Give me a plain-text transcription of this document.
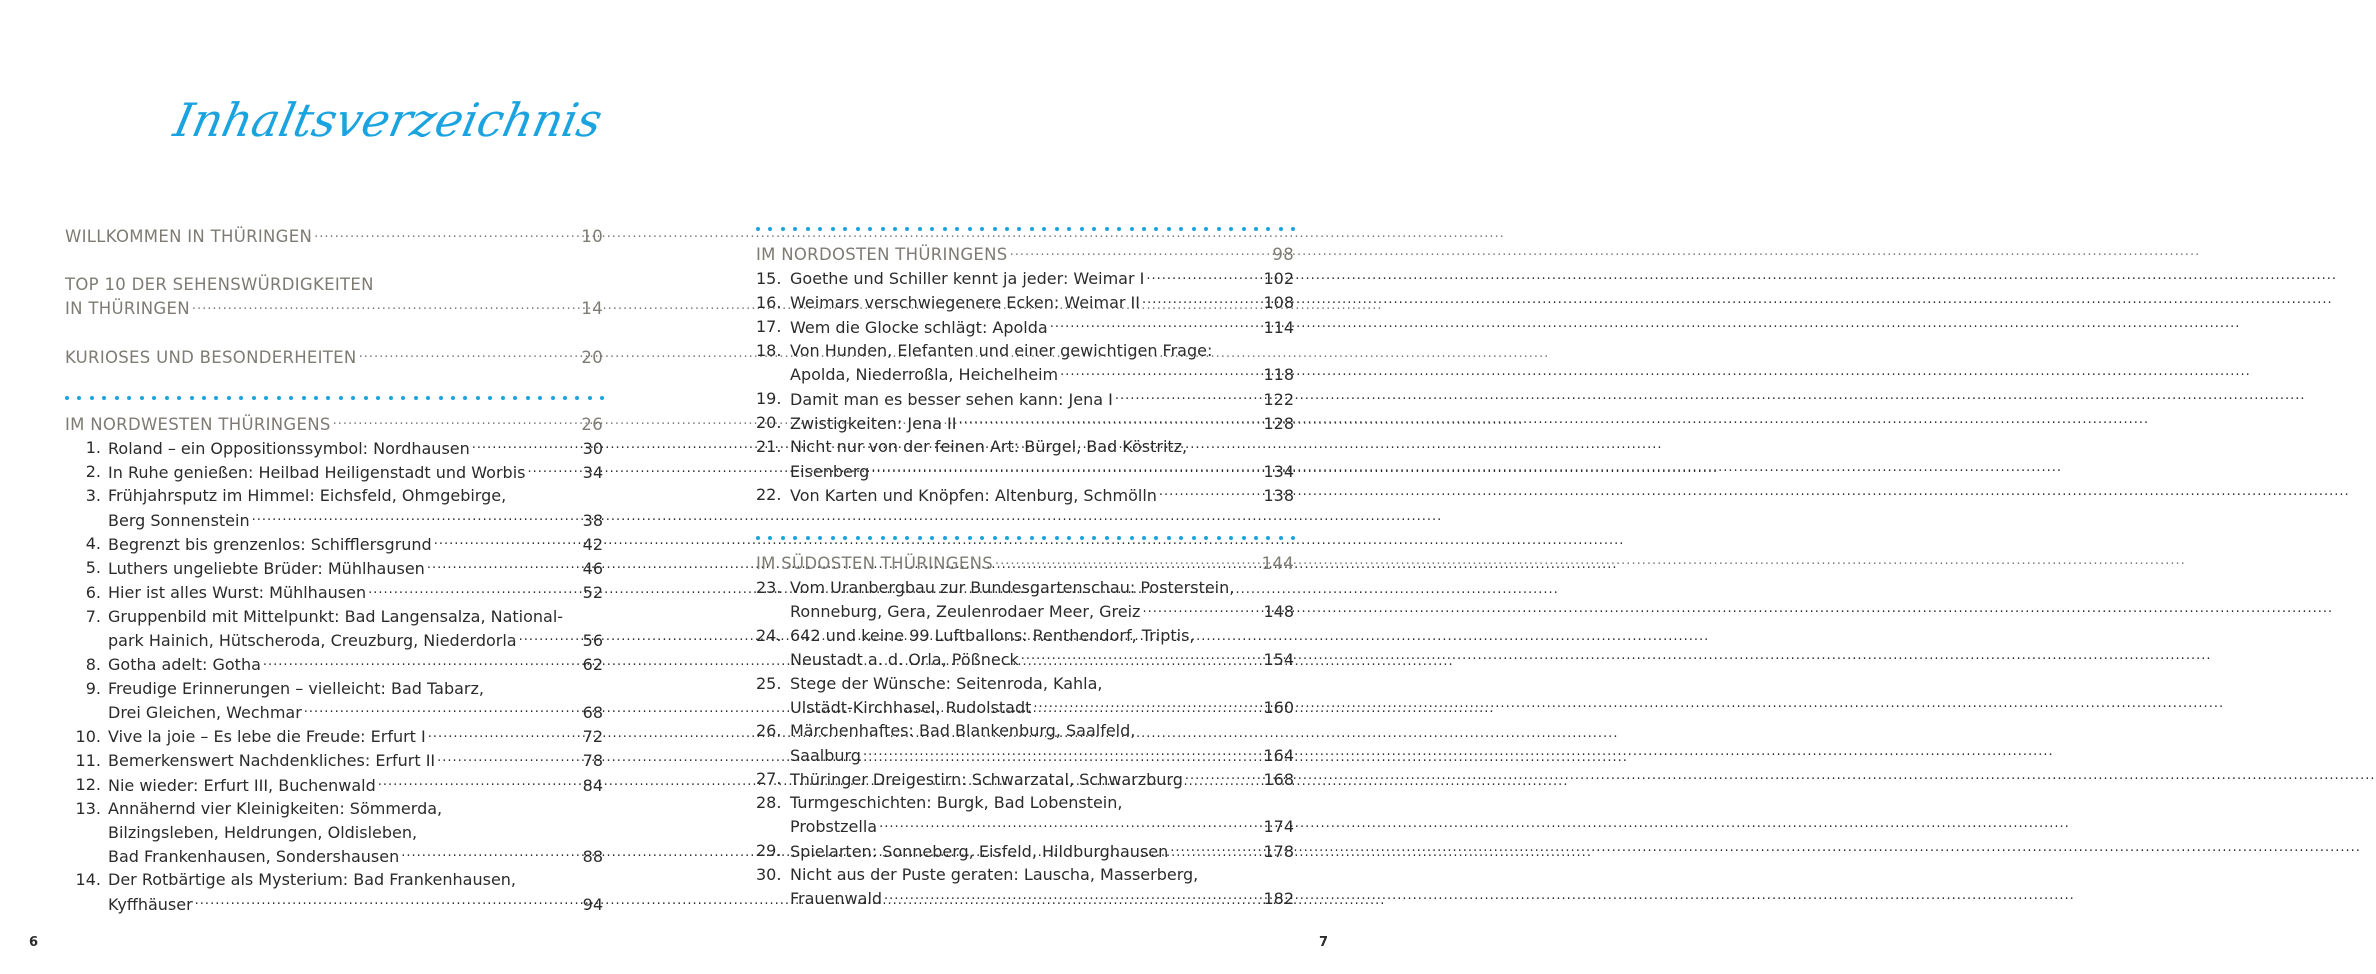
Inhaltsverzeichnis
WILLKOMMEN IN THÜRINGEN .....	10
TOP 10 DER SEHENSWÜRDIGKEITEN
IN THÜRINGEN .....	14
KURIOSES UND BESONDERHEITEN .....	20
IM NORDWESTEN THÜRINGENS .....	26
1. Roland – ein Oppositionssymbol: Nordhausen .....	30
2. In Ruhe genießen: Heilbad Heiligenstadt und Worbis .....	34
3. Frühjahrsputz im Himmel: Eichsfeld, Ohmgebirge,
Berg Sonnenstein .....	38
4. Begrenzt bis grenzenlos: Schifflersgrund .....	42
5. Luthers ungeliebte Brüder: Mühlhausen .....	46
6. Hier ist alles Wurst: Mühlhausen .....	52
7. Gruppenbild mit Mittelpunkt: Bad Langensalza, National-
park Hainich, Hütscheroda, Creuzburg, Niederdorla .....	56
8. Gotha adelt: Gotha .....	62
9. Freudige Erinnerungen – vielleicht: Bad Tabarz,
Drei Gleichen, Wechmar .....	68
10. Vive la joie – Es lebe die Freude: Erfurt I .....	72
11. Bemerkenswert Nachdenkliches: Erfurt II .....	78
12. Nie wieder: Erfurt III, Buchenwald .....	84
13. Annähernd vier Kleinigkeiten: Sömmerda,
Bilzingsleben, Heldrungen, Oldisleben,
Bad Frankenhausen, Sondershausen .....	88
14. Der Rotbärtige als Mysterium: Bad Frankenhausen,
Kyffhäuser .....	94
6
IM NORDOSTEN THÜRINGENS .....	98
15. Goethe und Schiller kennt ja jeder: Weimar I .....	102
16. Weimars verschwiegenere Ecken: Weimar II .....	108
17. Wem die Glocke schlägt: Apolda .....	114
18. Von Hunden, Elefanten und einer gewichtigen Frage:
Apolda, Niederroßla, Heichelheim .....	118
19. Damit man es besser sehen kann: Jena I .....	122
20. Zwistigkeiten: Jena II .....	128
21. Nicht nur von der feinen Art: Bürgel, Bad Köstritz,
Eisenberg .....	134
22. Von Karten und Knöpfen: Altenburg, Schmölln .....	138
IM SÜDOSTEN THÜRINGENS .....	144
23. Vom Uranbergbau zur Bundesgartenschau: Posterstein,
Ronneburg, Gera, Zeulenrodaer Meer, Greiz .....	148
24. 642 und keine 99 Luftballons: Renthendorf, Triptis,
Neustadt a. d. Orla, Pößneck .....	154
25. Stege der Wünsche: Seitenroda, Kahla,
Ulstädt-Kirchhasel, Rudolstadt .....	160
26. Märchenhaftes: Bad Blankenburg, Saalfeld,
Saalburg .....	164
27. Thüringer Dreigestirn: Schwarzatal, Schwarzburg .....	168
28. Turmgeschichten: Burgk, Bad Lobenstein,
Probstzella .....	174
29. Spielarten: Sonneberg, Eisfeld, Hildburghausen .....	178
30. Nicht aus der Puste geraten: Lauscha, Masserberg,
Frauenwald .....	182
7
